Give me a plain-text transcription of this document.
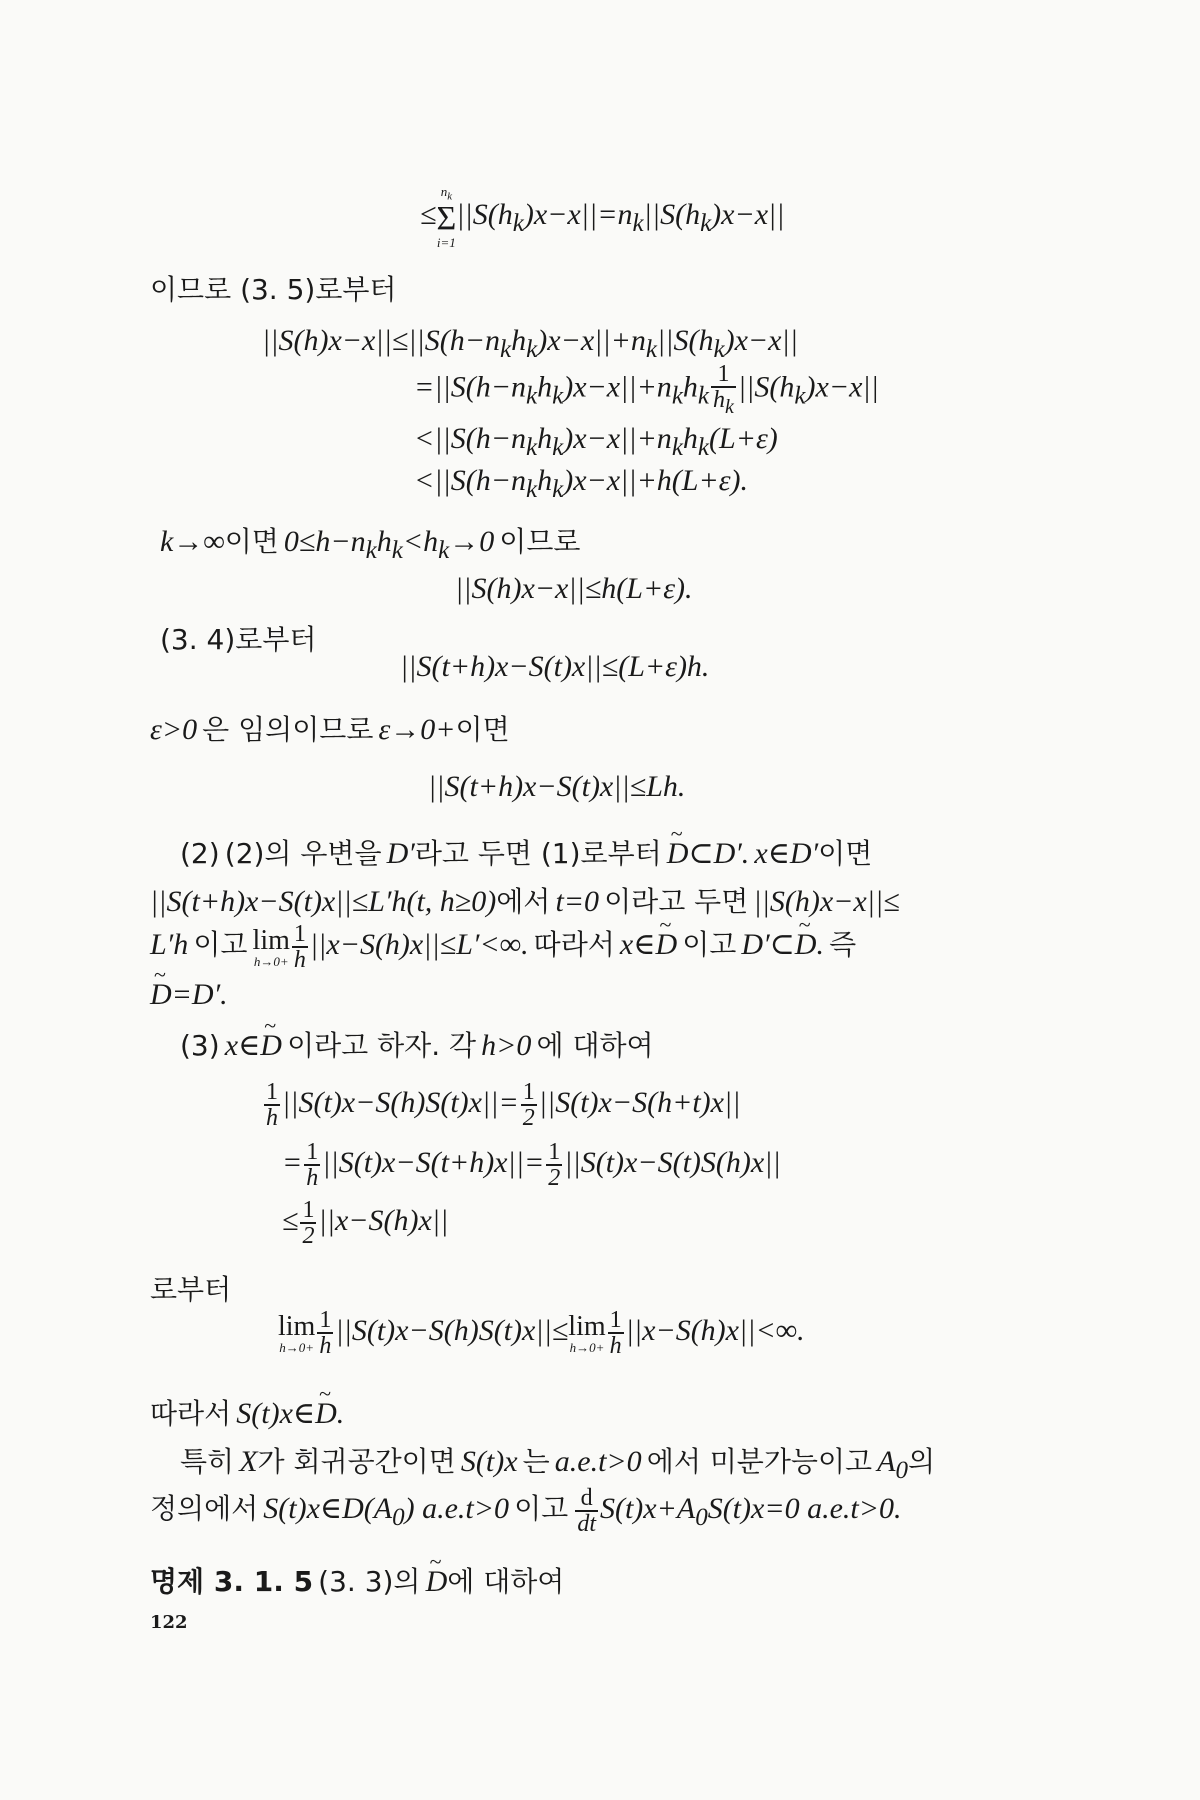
≤
$n_k$
Σ
i=1
$||S(h_k)x-x||=n_k||S(h_k)x-x||$
이므로 (3. 5)로부터
$||S(h)x-x||\le||S(h-n_kh_k)x-x||+n_k||S(h_k)x-x||$
$=||S(h-n_kh_k)x-x||+n_kh_k \frac{1}{h_k} ||S(h_k)x-x||$
$<||S(h-n_kh_k)x-x||+n_kh_k(L+\varepsilon)$
$<||S(h-n_kh_k)x-x||+h(L+\varepsilon)$.
k→∞이면 $0\le h-n_kh_k<h_k\to 0$ 이므로
||S(h)x−x||≤h(L+ε).
(3. 4)로부터
||S(t+h)x−S(t)x||≤(L+ε)h.
ε>0 은 임의이므로 ε→0+이면
||S(t+h)x−S(t)x||≤Lh.
(2) (2)의 우변을 D′라고 두면 (1)로부터 ~ D⊂D′. x∈D′이면
||S(t+h)x−S(t)x||≤L′h(t, h≥0)에서 t=0 이라고 두면 ||S(h)x−x||≤
L′h 이고 lim
$h\to 0+ \frac{1}{h} ||x-S(h)x||\le L'<\infty$. 따라서 x∈~ D 이고 D′⊂~ D. 즉
~ D=D′.
(3) x∈~ D 이라고 하자. 각 h>0 에 대하여
$\frac{1}{h} ||S(t)x-S(h)S(t)x||= \frac{1}{2} ||S(t)x-S(h+t)x||$
= $\frac{1}{h} ||S(t)x-S(t+h)x||= \frac{1}{2} ||S(t)x-S(t)S(h)x||$
≤ $\frac{1}{2} ||x-S(h)x||$
로부터
lim
$h\to 0+ \frac{1}{h} ||S(t)x-S(h)S(t)x||\le \lim$
$h\to 0+ \frac{1}{h} ||x-S(h)x||<\infty$.
따라서 S(t)x∈~ D.
특히 X가 회귀공간이면 S(t)x 는 a.e.t>0 에서 미분가능이고 $A_0$의
정의에서 $S(t)x\in D(A_0)$ a.e.t>0 이고 $\frac{d}{dt} S(t)x+A_0S(t)x=0$ a.e.t>0.
명제 3. 1. 5 (3. 3)의 ~ D에 대하여
122
